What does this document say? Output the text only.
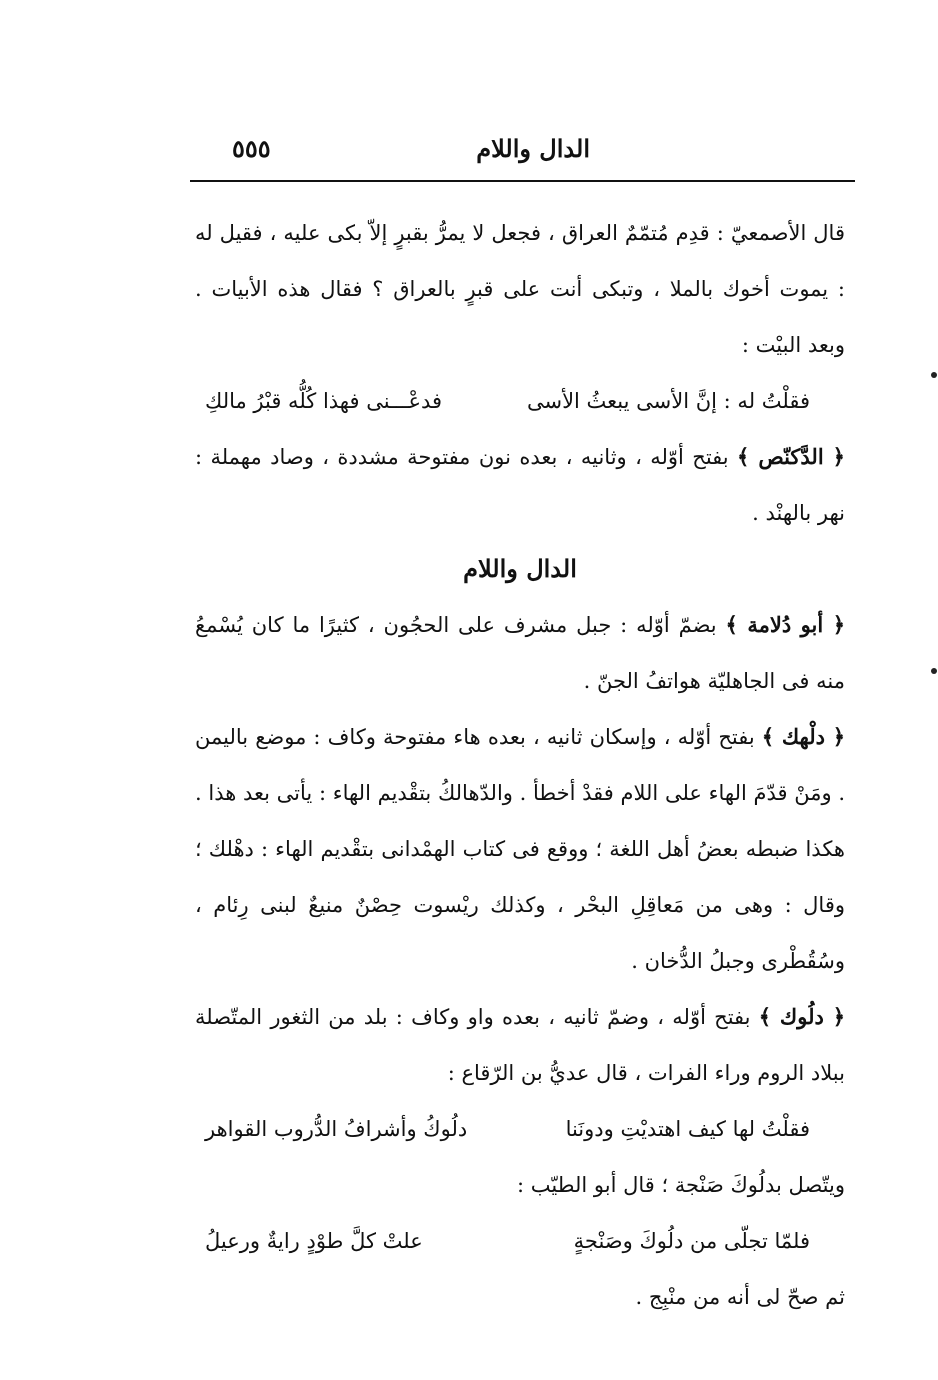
الدال واللام
٥٥٥

قال الأصمعيّ : قدِم مُتمّمٌ العراق ، فجعل لا يمرُّ بقبرٍ إلاّ بكى عليه ، فقيل له : يموت أخوك بالملا ، وتبكى أنت على قبرٍ بالعراق ؟ فقال هذه الأبيات . وبعد البيْت :

فقلْتُ له : إنَّ الأسى يبعثُ الأسى
فدعْـــنى فهذا كُلُّه قبْرُ مالكِ

﴿ الدَّكنّص ﴾ بفتح أوّله ، وثانيه ، بعده نون مفتوحة مشددة ، وصاد مهملة : نهر بالهنْد .

الدال واللام

﴿ أبو دُلامة ﴾ بضمّ أوّله : جبل مشرف على الحجُون ، كثيرًا ما كان يُسْمعُ منه فى الجاهليّة هواتفُ الجنّ .

﴿ دلْهك ﴾ بفتح أوّله ، وإسكان ثانيه ، بعده هاء مفتوحة وكاف : موضع باليمن . ومَنْ قدّمَ الهاء على اللام فقدْ أخطأ . والدّهالكُ بتقْديم الهاء : يأتى بعد هذا . هكذا ضبطه بعضُ أهل اللغة ؛ ووقع فى كتاب الهمْدانى بتقْديم الهاء : دهْلك ؛ وقال : وهى من مَعاقِلِ البحْر ، وكذلك ريْسوت حِصْنٌ منيعٌ لبنى رِئام ، وسُقُطْرى وجبلُ الدُّخان .

﴿ دلُوك ﴾ بفتح أوّله ، وضمّ ثانيه ، بعده واو وكاف : بلد من الثغور المتّصلة ببلاد الروم وراء الفرات ، قال عديُّ بن الرّقاع :

فقلْتُ لها كيف اهتديْتِ ودونَنا
دلُوكُ وأشرافُ الدُّروب القواهر

ويتّصل بدلُوكَ صَنْجة ؛ قال أبو الطيّب :

فلمّا تجلّى من دلُوكَ وصَنْجةٍ
علتْ كلَّ طوْدٍ رايةٌ ورعيلُ

ثم صحّ لى أنه من منْبِج .
